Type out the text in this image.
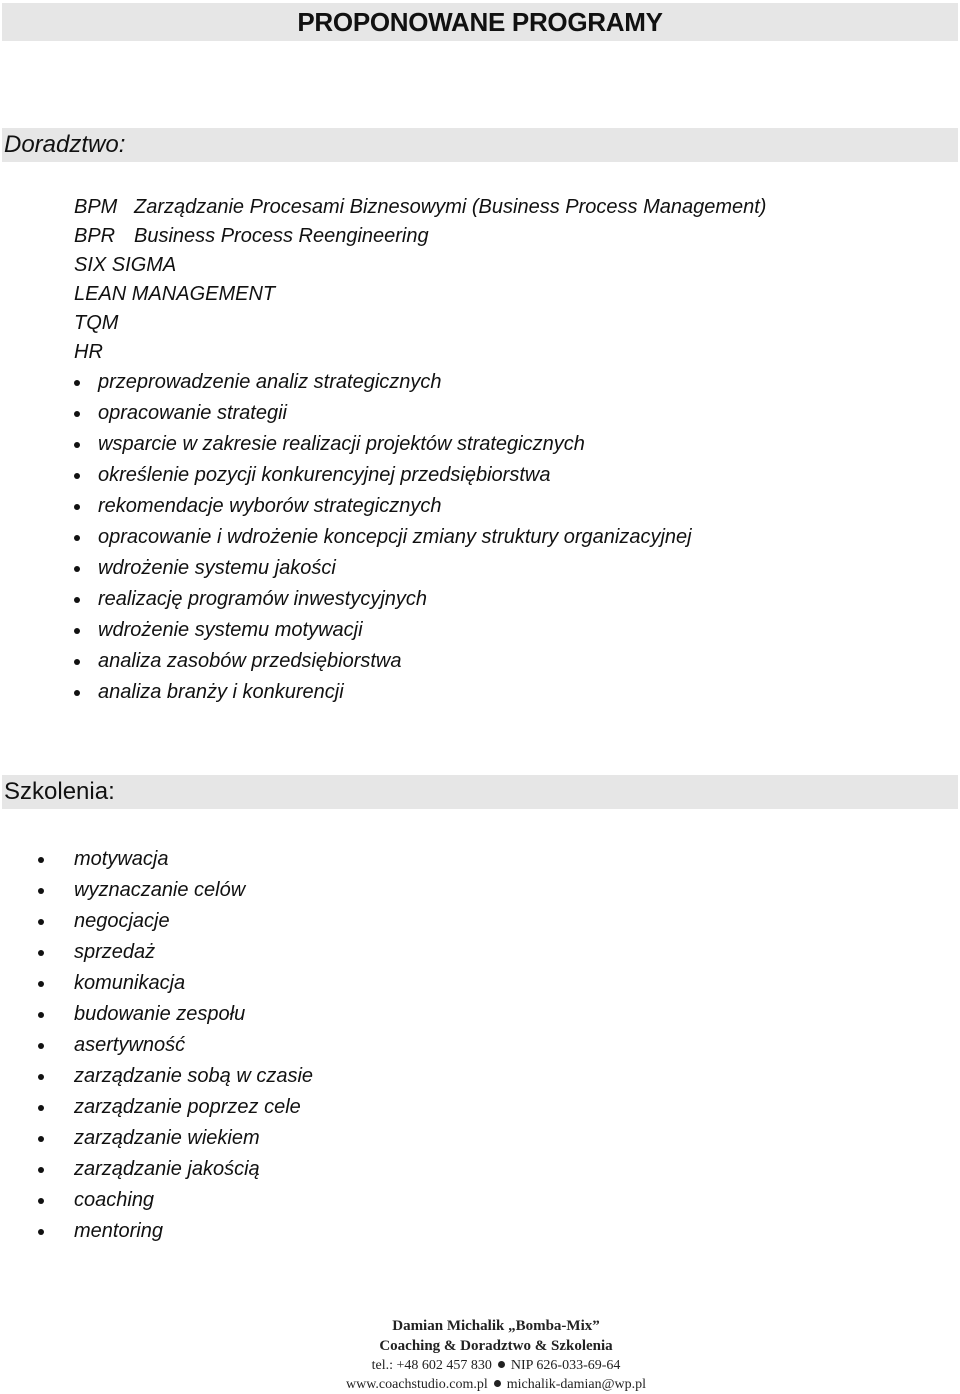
PROPONOWANE PROGRAMY
Doradztwo:
BPM Zarządzanie Procesami Biznesowymi (Business Process Management)
BPR Business Process Reengineering
SIX SIGMA
LEAN MANAGEMENT
TQM
HR
przeprowadzenie analiz strategicznych
opracowanie strategii
wsparcie w zakresie realizacji projektów strategicznych
określenie pozycji konkurencyjnej przedsiębiorstwa
rekomendacje wyborów strategicznych
opracowanie i wdrożenie koncepcji zmiany struktury organizacyjnej
wdrożenie systemu jakości
realizację programów inwestycyjnych
wdrożenie systemu motywacji
analiza zasobów przedsiębiorstwa
analiza branży i konkurencji
Szkolenia:
motywacja
wyznaczanie celów
negocjacje
sprzedaż
komunikacja
budowanie zespołu
asertywność
zarządzanie sobą w czasie
zarządzanie poprzez cele
zarządzanie wiekiem
zarządzanie jakością
coaching
mentoring
Damian Michalik „Bomba-Mix”
Coaching & Doradztwo & Szkolenia
tel.: +48 602 457 830 NIP 626-033-69-64
www.coachstudio.com.pl michalik-damian@wp.pl
